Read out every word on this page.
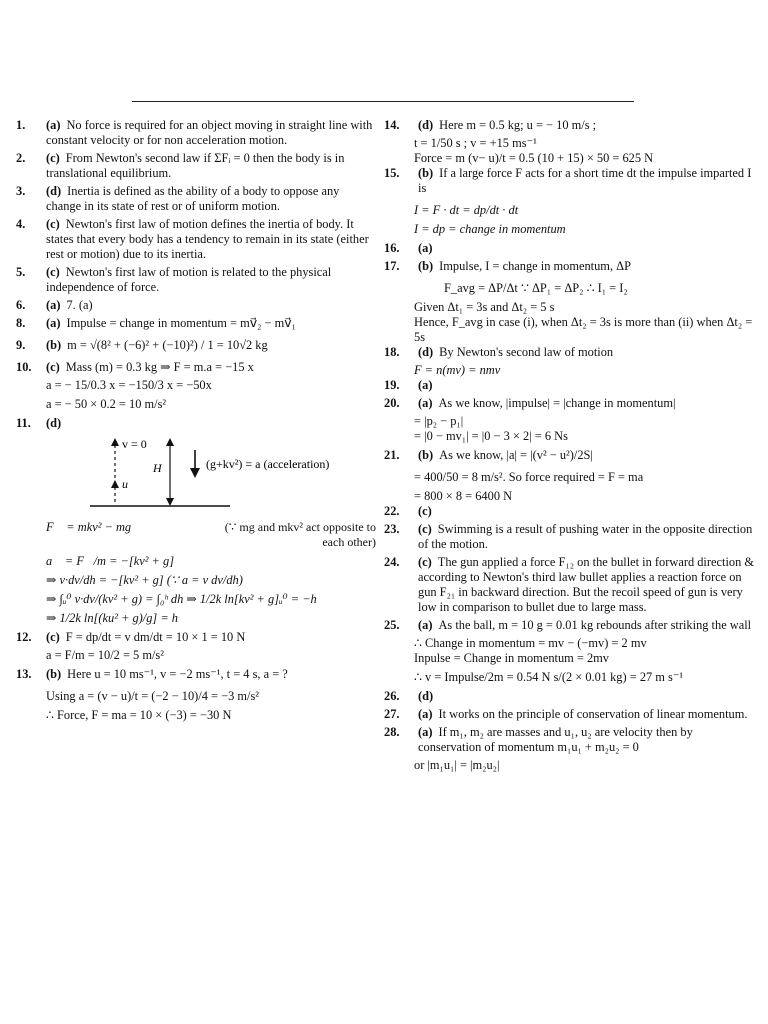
1.	(a) No force is required for an object moving in straight line with constant velocity or for non acceleration motion.
2.	(c) From Newton's second law if ΣFᵢ = 0 then the body is in translational equilibrium.
3.	(d) Inertia is defined as the ability of a body to oppose any change in its state of rest or of uniform motion.
4.	(c) Newton's first law of motion defines the inertia of body. It states that every body has a tendency to remain in its state (either rest or motion) due to its inertia.
5.	(c) Newton's first law of motion is related to the physical independence of force.
6.	(a) 7. (a)
8.	(a) Impulse = change in momentum = mv⃗₂ − mv⃗₁
9.	(b) m = √(8² + (−6)² + (−10)²) / 1 = 10√2 kg
10.	(c) Mass (m) = 0.3 kg ⇒ F = m.a = −15 x
a = − 15/0.3 x = −150/3 x = −50x
a = − 50 × 0.2 = 10 m/s²
11.	(d)
v = 0
H
u
(g+kv²) = a (acceleration)
F⃗ = mkv² − mg	(∵ mg and mkv² act opposite to each other)
a⃗ = F⃗/m = −[kv² + g]
⇒ v·dv/dh = −[kv² + g] (∵ a = v dv/dh)
⇒ ∫ᵤ⁰ v·dv/(kv² + g) = ∫₀ʰ dh ⇒ 1/2k ln[kv² + g]ᵤ⁰ = −h
⇒ 1/2k ln[(ku² + g)/g] = h
12.	(c) F = dp/dt = v dm/dt = 10 × 1 = 10 N
a = F/m = 10/2 = 5 m/s²
13.	(b) Here u = 10 ms⁻¹, v = −2 ms⁻¹, t = 4 s, a = ?
Using a = (v − u)/t = (−2 − 10)/4 = −3 m/s²
∴ Force, F = ma = 10 × (−3) = −30 N
14.	(d) Here m = 0.5 kg; u = − 10 m/s ;
t = 1/50 s ; v = +15 ms⁻¹
Force = m (v− u)/t = 0.5 (10 + 15) × 50 = 625 N
15.	(b) If a large force F acts for a short time dt the impulse imparted I is
I = F · dt = dp/dt · dt
I = dp = change in momentum
16.	(a)
17.	(b) Impulse, I = change in momentum, ΔP
F_avg = ΔP/Δt ∵ ΔP₁ = ΔP₂ ∴ I₁ = I₂
Given Δt₁ = 3s and Δt₂ = 5 s
Hence, F_avg in case (i), when Δt₂ = 3s is more than (ii) when Δt₂ = 5s
18.	(d) By Newton's second law of motion
F = n(mv) = nmv
19.	(a)
20.	(a) As we know, |impulse| = |change in momentum|
= |p₂ − p₁|
= |0 − mv₁| = |0 − 3 × 2| = 6 Ns
21.	(b) As we know, |a| = |(v² − u²)/2S|
= 400/50 = 8 m/s². So force required = F = ma
= 800 × 8 = 6400 N
22.	(c)
23.	(c) Swimming is a result of pushing water in the opposite direction of the motion.
24.	(c) The gun applied a force F₁₂ on the bullet in forward direction & according to Newton's third law bullet applies a reaction force on gun F₂₁ in backward direction. But the recoil speed of gun is very low in comparison to bullet due to large mass.
25.	(a) As the ball, m = 10 g = 0.01 kg rebounds after striking the wall
∴ Change in momentum = mv − (−mv) = 2 mv
Inpulse = Change in momentum = 2mv
∴ v = Impulse/2m = 0.54 N s/(2 × 0.01 kg) = 27 m s⁻¹
26.	(d)
27.	(a) It works on the principle of conservation of linear momentum.
28.	(a) If m₁, m₂ are masses and u₁, u₂ are velocity then by conservation of momentum m₁u₁ + m₂u₂ = 0
or |m₁u₁| = |m₂u₂|
